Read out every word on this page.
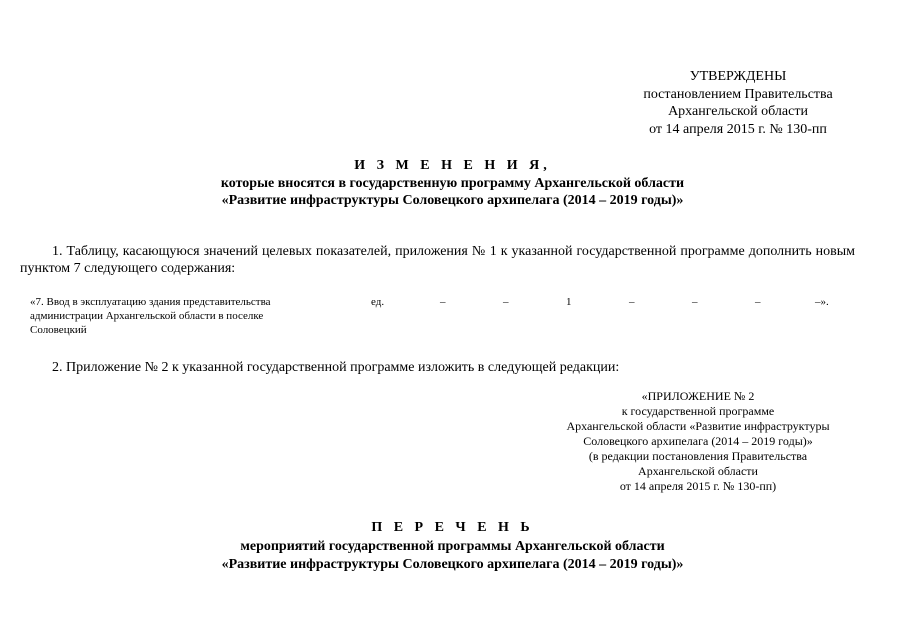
УТВЕРЖДЕНЫ
постановлением Правительства
Архангельской области
от 14 апреля 2015 г. № 130-пп
И З М Е Н Е Н И Я,
которые вносятся в государственную программу Архангельской области
«Развитие инфраструктуры Соловецкого архипелага (2014 – 2019 годы)»
1. Таблицу, касающуюся значений целевых показателей, приложения № 1 к указанной государственной программе дополнить новым пунктом 7 следующего содержания:
«7. Ввод в эксплуатацию здания представительства
администрации Архангельской области в поселке
Соловецкий
ед.	–	–	1	–	–	–	–».
2. Приложение № 2 к указанной государственной программе изложить в следующей редакции:
«ПРИЛОЖЕНИЕ № 2
к государственной программе
Архангельской области «Развитие инфраструктуры
Соловецкого архипелага (2014 – 2019 годы)»
(в редакции постановления Правительства
Архангельской области
от 14 апреля 2015 г. № 130-пп)
П Е Р Е Ч Е Н Ь
мероприятий государственной программы Архангельской области
«Развитие инфраструктуры Соловецкого архипелага (2014 – 2019 годы)»
